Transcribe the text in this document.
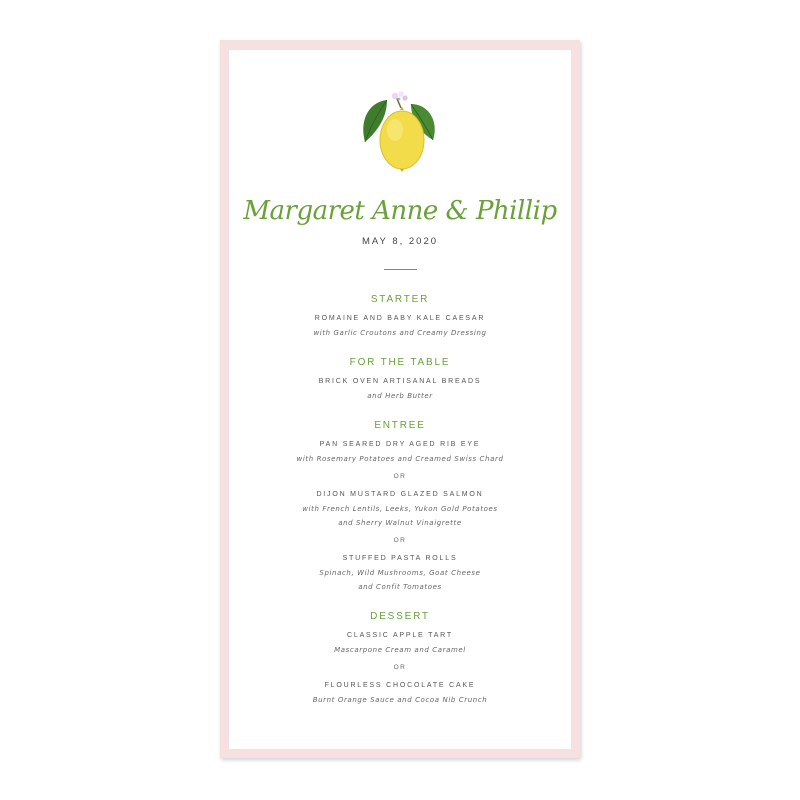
Margaret Anne & Phillip
MAY 8, 2020
STARTER
ROMAINE AND BABY KALE CAESAR
with Garlic Croutons and Creamy Dressing
FOR THE TABLE
BRICK OVEN ARTISANAL BREADS
and Herb Butter
ENTREE
PAN SEARED DRY AGED RIB EYE
with Rosemary Potatoes and Creamed Swiss Chard
OR
DIJON MUSTARD GLAZED SALMON
with French Lentils, Leeks, Yukon Gold Potatoes
and Sherry Walnut Vinaigrette
OR
STUFFED PASTA ROLLS
Spinach, Wild Mushrooms, Goat Cheese
and Confit Tomatoes
DESSERT
CLASSIC APPLE TART
Mascarpone Cream and Caramel
OR
FLOURLESS CHOCOLATE CAKE
Burnt Orange Sauce and Cocoa Nib Crunch
